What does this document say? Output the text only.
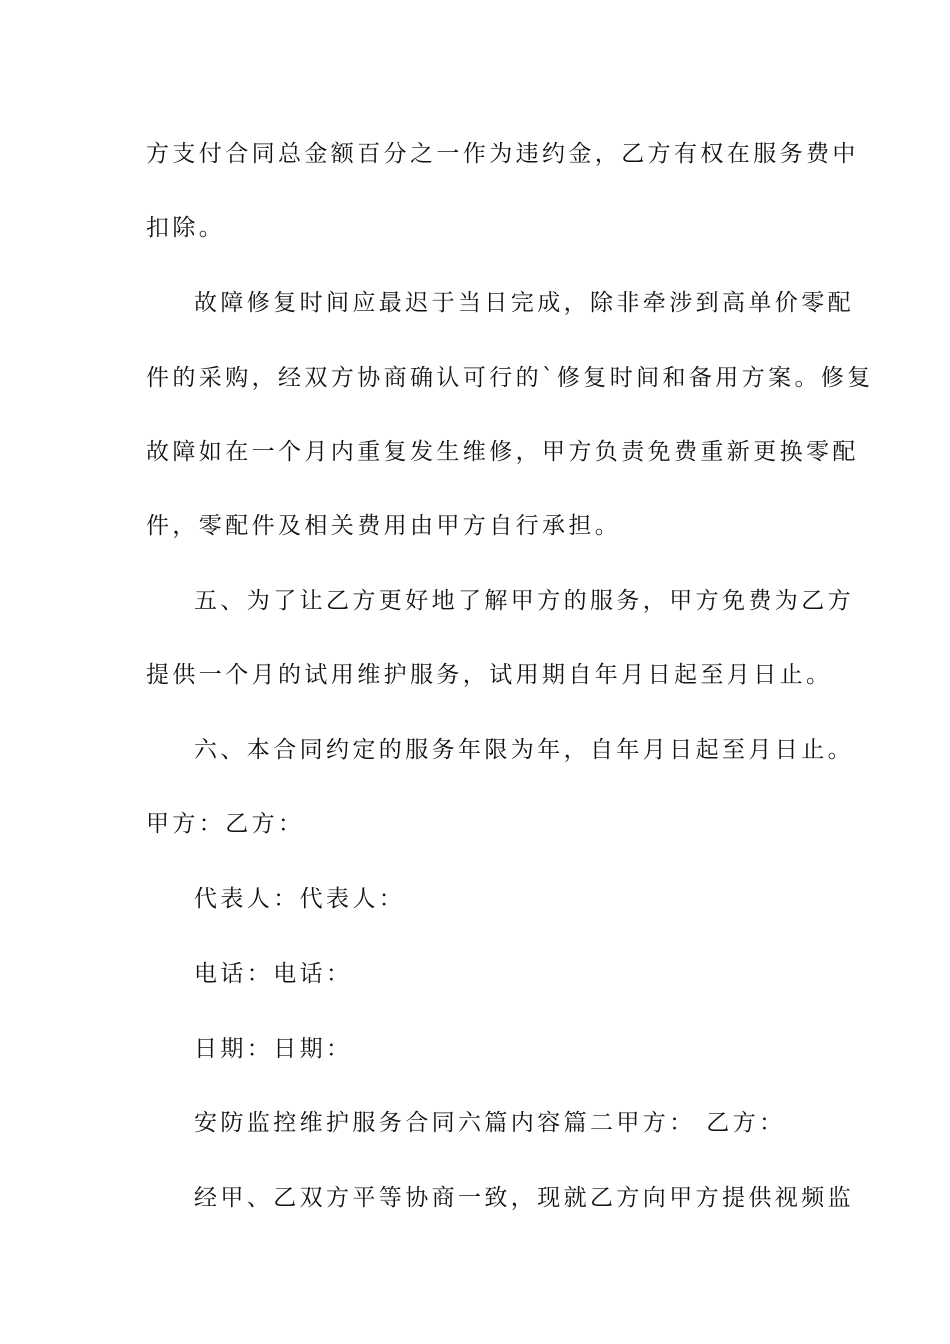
方支付合同总金额百分之一作为违约金，乙方有权在服务费中
扣除。
故障修复时间应最迟于当日完成，除非牵涉到高单价零配
件的采购，经双方协商确认可行的`修复时间和备用方案。修复
故障如在一个月内重复发生维修，甲方负责免费重新更换零配
件，零配件及相关费用由甲方自行承担。
五、为了让乙方更好地了解甲方的服务，甲方免费为乙方
提供一个月的试用维护服务，试用期自年月日起至月日止。
六、本合同约定的服务年限为年，自年月日起至月日止。
甲方：乙方：
代表人：代表人：
电话：电话：
日期：日期：
安防监控维护服务合同六篇内容篇二甲方： 乙方：
经甲、乙双方平等协商一致，现就乙方向甲方提供视频监
